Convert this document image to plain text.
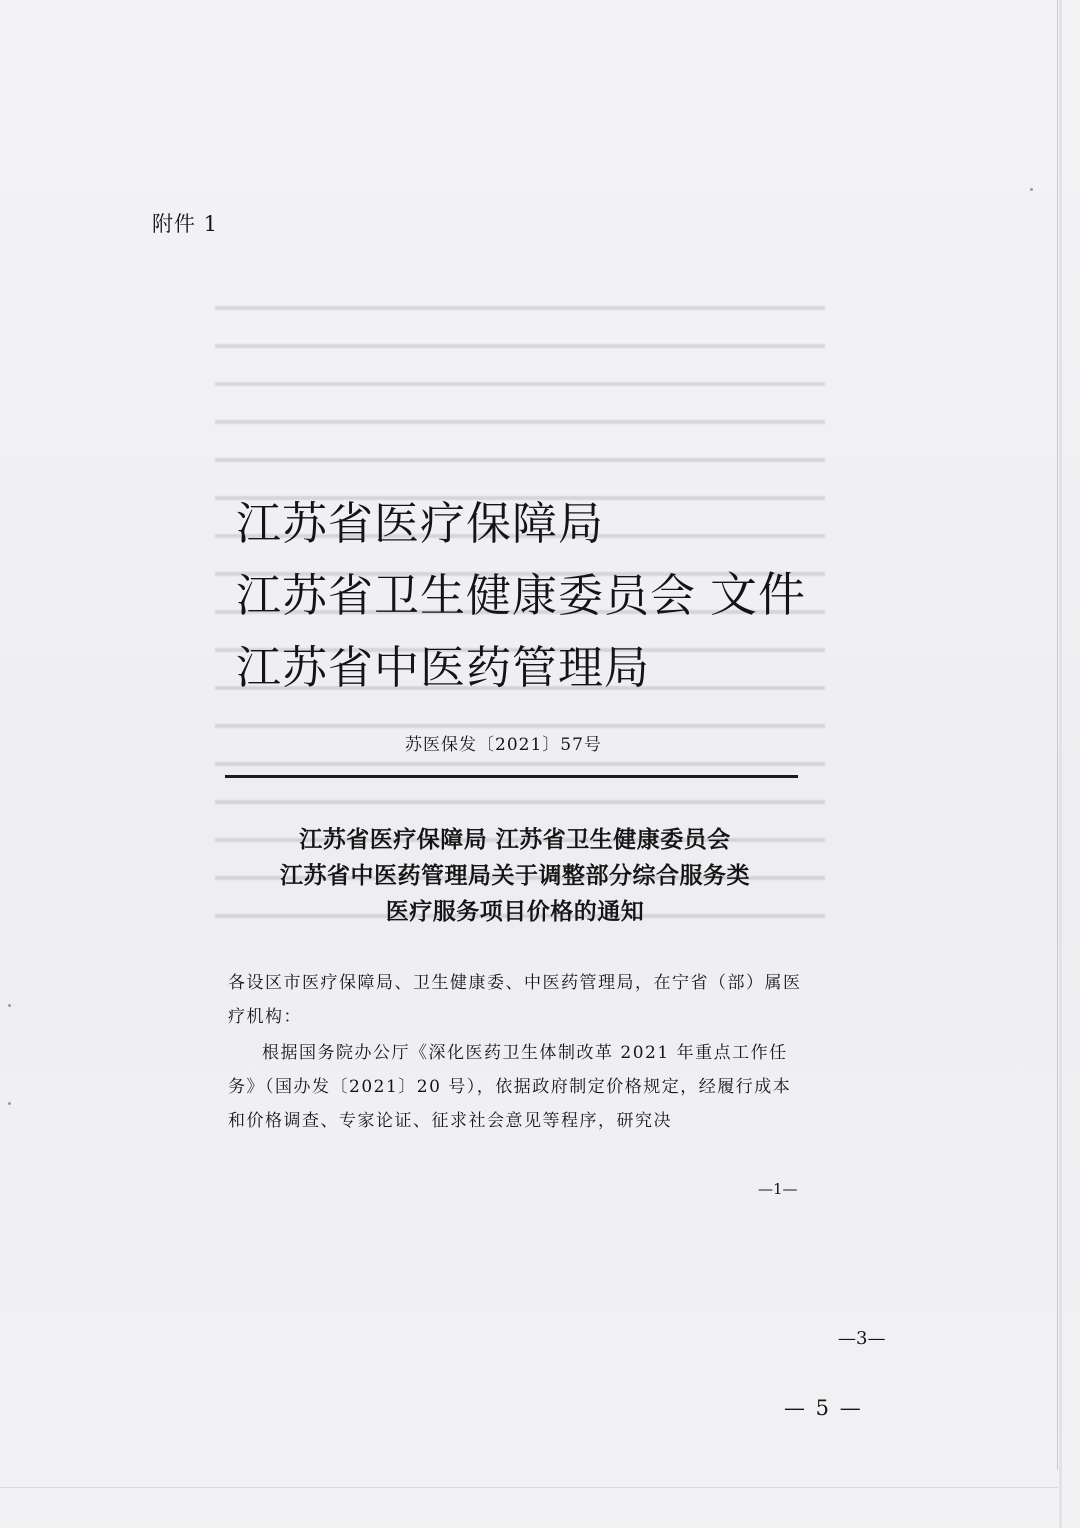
附件 1
江苏省医疗保障局
江苏省卫生健康委员会 文件
江苏省中医药管理局
苏医保发〔2021〕57号
江苏省医疗保障局 江苏省卫生健康委员会
江苏省中医药管理局关于调整部分综合服务类
医疗服务项目价格的通知

各设区市医疗保障局、卫生健康委、中医药管理局，在宁省（部）属医疗机构：

根据国务院办公厅《深化医药卫生体制改革 2021 年重点工作任务》（国办发〔2021〕20 号），依据政府制定价格规定，经履行成本和价格调查、专家论证、征求社会意见等程序，研究决

—1—
—3—
— 5 —
